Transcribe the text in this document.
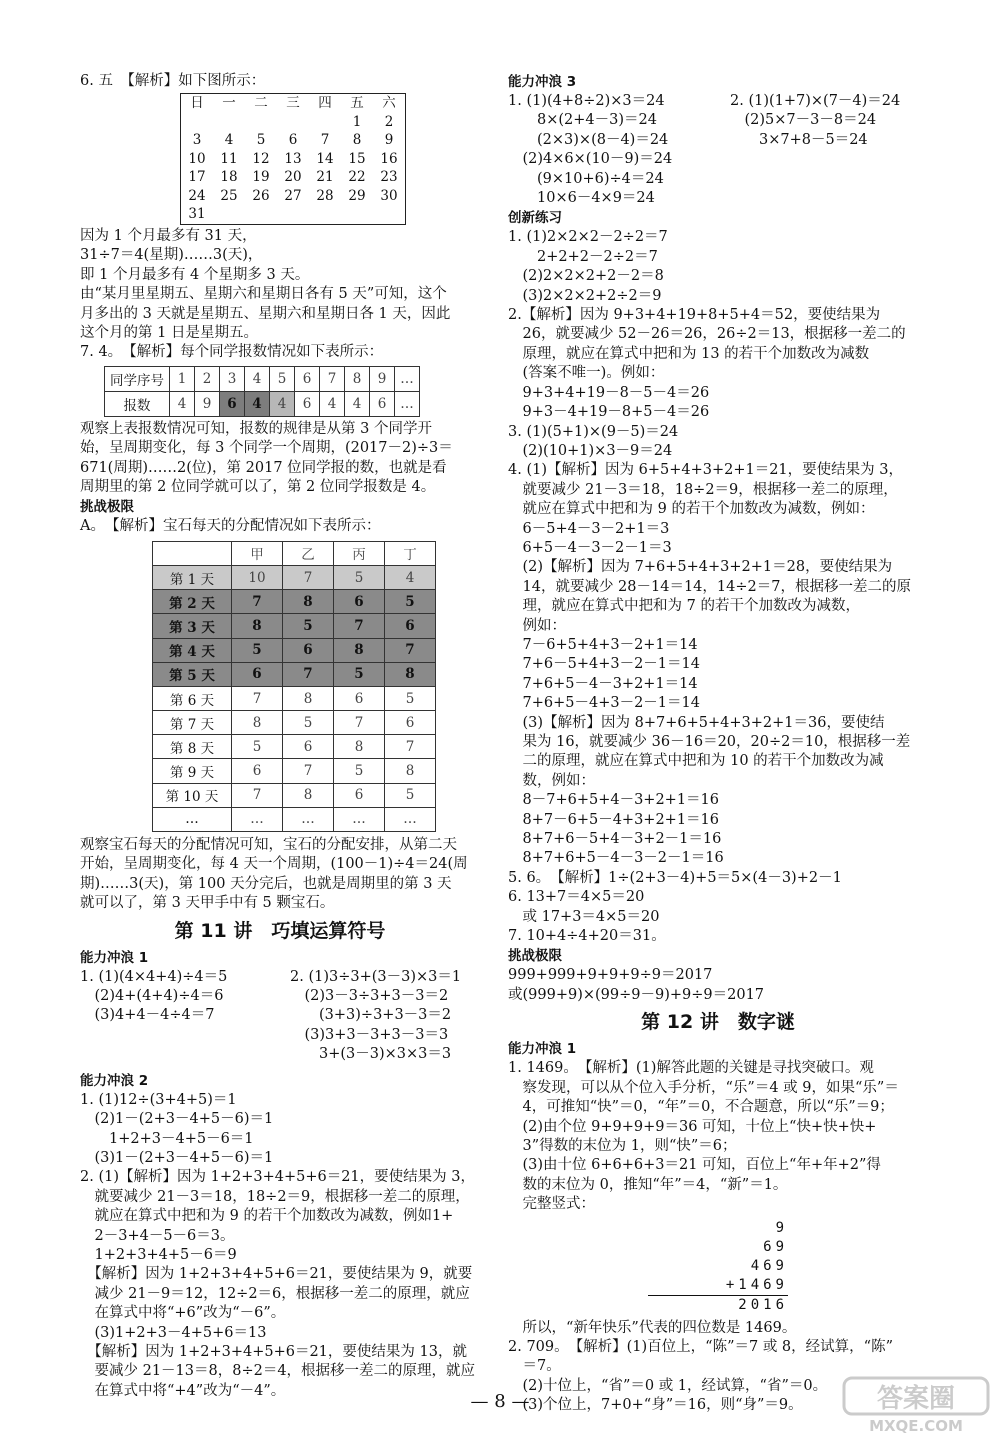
6. 五　【解析】如下图所示：
日	一	二	三	四	五	六
					1	2
3	4	5	6	7	8	9
10	11	12	13	14	15	16
17	18	19	20	21	22	23
24	25	26	27	28	29	30
31						
因为 1 个月最多有 31 天，
31÷7＝4(星期)……3(天)，
即 1 个月最多有 4 个星期多 3 天。
由“某月里星期五、星期六和星期日各有 5 天”可知，这个
月多出的 3 天就是星期五、星期六和星期日各 1 天，因此
这个月的第 1 日是星期五。
7. 4。　【解析】每个同学报数情况如下表所示：
同学序号	1	2	3	4	5	6	7	8	9	…
报数	4	9	6	4	4	6	4	4	6	…
观察上表报数情况可知，报数的规律是从第 3 个同学开
始，呈周期变化，每 3 个同学一个周期，(2017－2)÷3＝
671(周期)……2(位)，第 2017 位同学报的数，也就是看
周期里的第 2 位同学就可以了，第 2 位同学报数是 4。
挑战极限
A。　【解析】宝石每天的分配情况如下表所示：
	甲	乙	丙	丁
第 1 天	10	7	5	4
第 2 天	7	8	6	5
第 3 天	8	5	7	6
第 4 天	5	6	8	7
第 5 天	6	7	5	8
第 6 天	7	8	6	5
第 7 天	8	5	7	6
第 8 天	5	6	8	7
第 9 天	6	7	5	8
第 10 天	7	8	6	5
…	…	…	…	…
观察宝石每天的分配情况可知，宝石的分配安排，从第二天
开始，呈周期变化，每 4 天一个周期，(100－1)÷4＝24(周
期)……3(天)，第 100 天分完后，也就是周期里的第 3 天
就可以了，第 3 天甲手中有 5 颗宝石。
第 11 讲　巧填运算符号
能力冲浪 1
1. (1)(4×4+4)÷4＝5
　(2)4+(4+4)÷4＝6
　(3)4+4－4÷4＝7
2. (1)3÷3+(3－3)×3＝1
　(2)3－3÷3+3－3＝2
　　(3+3)÷3+3－3＝2
　(3)3+3－3+3－3＝3
　　3+(3－3)×3×3＝3
能力冲浪 2
1. (1)12÷(3+4+5)＝1
　(2)1－(2+3－4+5－6)＝1
　　1+2+3－4+5－6＝1
　(3)1－(2+3－4+5－6)＝1
2. (1)【解析】因为 1+2+3+4+5+6＝21，要使结果为 3，
　就要减少 21－3＝18，18÷2＝9，根据移一差二的原理，
　就应在算式中把和为 9 的若干个加数改为减数，例如1+
　2－3+4－5－6＝3。
　1+2+3+4+5－6＝9
　【解析】因为 1+2+3+4+5+6＝21，要使结果为 9，就要
　减少 21－9＝12，12÷2＝6，根据移一差二的原理，就应
　在算式中将“+6”改为“－6”。
　(3)1+2+3－4+5+6＝13
　【解析】因为 1+2+3+4+5+6＝21，要使结果为 13，就
　要减少 21－13＝8，8÷2＝4，根据移一差二的原理，就应
　在算式中将“+4”改为“－4”。
能力冲浪 3
1. (1)(4+8÷2)×3＝24
　　8×(2+4－3)＝24
　　(2×3)×(8－4)＝24
　(2)4×6×(10－9)＝24
　　(9×10+6)÷4＝24
　　10×6－4×9＝24
2. (1)(1+7)×(7－4)＝24
　(2)5×7－3－8＝24
　　3×7+8－5＝24
创新练习
1. (1)2×2×2－2÷2＝7
　　2+2+2－2÷2＝7
　(2)2×2×2+2－2＝8
　(3)2×2×2+2÷2＝9
2.【解析】因为 9+3+4+19+8+5+4＝52，要使结果为
　26，就要减少 52－26＝26，26÷2＝13，根据移一差二的
　原理，就应在算式中把和为 13 的若干个加数改为减数
　(答案不唯一)。例如：
　9+3+4+19－8－5－4＝26
　9+3－4+19－8+5－4＝26
3. (1)(5+1)×(9－5)＝24
　(2)(10+1)×3－9＝24
4. (1)【解析】因为 6+5+4+3+2+1＝21，要使结果为 3，
　就要减少 21－3＝18，18÷2＝9，根据移一差二的原理，
　就应在算式中把和为 9 的若干个加数改为减数，例如：
　6－5+4－3－2+1＝3
　6+5－4－3－2－1＝3
　(2)【解析】因为 7+6+5+4+3+2+1＝28，要使结果为
　14，就要减少 28－14＝14，14÷2＝7，根据移一差二的原
　理，就应在算式中把和为 7 的若干个加数改为减数，
　例如：
　7－6+5+4+3－2+1＝14
　7+6－5+4+3－2－1＝14
　7+6+5－4－3+2+1＝14
　7+6+5－4+3－2－1＝14
　(3)【解析】因为 8+7+6+5+4+3+2+1＝36，要使结
　果为 16，就要减少 36－16＝20，20÷2＝10，根据移一差
　二的原理，就应在算式中把和为 10 的若干个加数改为减
　数，例如：
　8－7+6+5+4－3+2+1＝16
　8+7－6+5－4+3+2+1＝16
　8+7+6－5+4－3+2－1＝16
　8+7+6+5－4－3－2－1＝16
5. 6。　【解析】1÷(2+3－4)+5＝5×(4－3)+2－1
6. 13+7＝4×5＝20
　或 17+3＝4×5＝20
7. 10+4÷4+20＝31。
挑战极限
999+999+9+9+9÷9＝2017
或(999+9)×(99÷9－9)+9÷9＝2017
第 12 讲　数字谜
能力冲浪 1
1. 1469。　【解析】(1)解答此题的关键是寻找突破口。观
　察发现，可以从个位入手分析，“乐”＝4 或 9，如果“乐”＝
　4，可推知“快”＝0，“年”＝0，不合题意，所以“乐”＝9；
　(2)由个位 9+9+9+9＝36 可知，十位上“快+快+快+
　3”得数的末位为 1，则“快”＝6；
　(3)由十位 6+6+6+3＝21 可知，百位上“年+年+2”得
　数的末位为 0，推知“年”＝4，“新”＝1。
　完整竖式：
9
69
469
+1469
2016
　所以，“新年快乐”代表的四位数是 1469。
2. 709。　【解析】(1)百位上，“陈”＝7 或 8，经试算，“陈”
　＝7。
　(2)十位上，“省”＝0 或 1，经试算，“省”＝0。
　(3)个位上，7+0+“身”＝16，则“身”＝9。
— 8 —	答案圈
MXQE.COM
